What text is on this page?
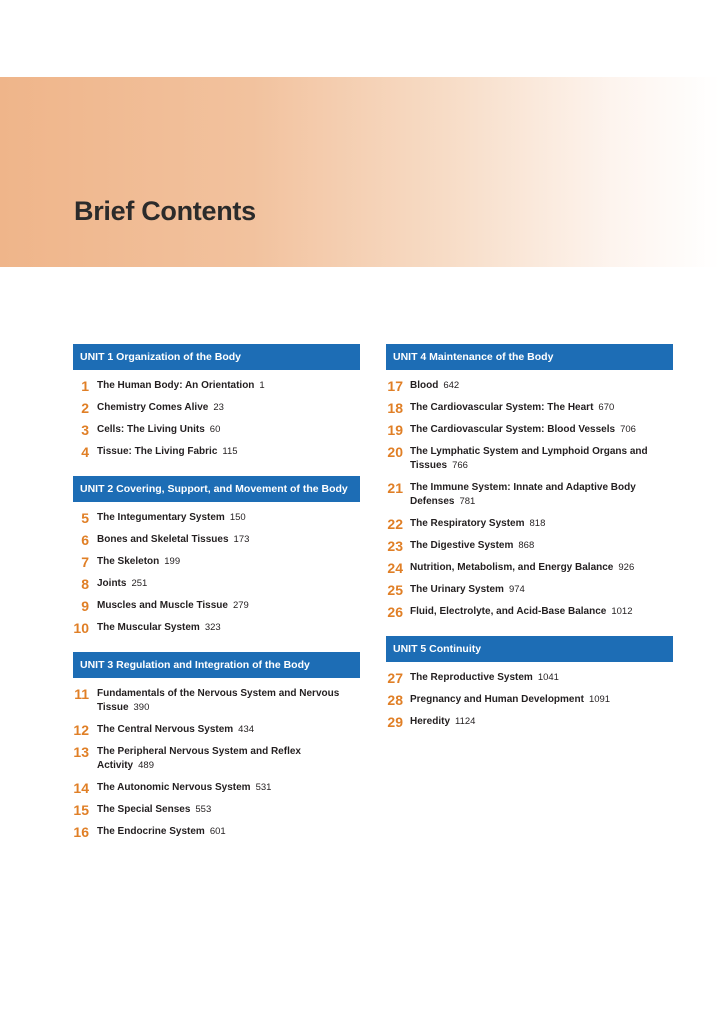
Brief Contents
UNIT 1 Organization of the Body
1 The Human Body: An Orientation 1
2 Chemistry Comes Alive 23
3 Cells: The Living Units 60
4 Tissue: The Living Fabric 115
UNIT 2 Covering, Support, and Movement of the Body
5 The Integumentary System 150
6 Bones and Skeletal Tissues 173
7 The Skeleton 199
8 Joints 251
9 Muscles and Muscle Tissue 279
10 The Muscular System 323
UNIT 3 Regulation and Integration of the Body
11 Fundamentals of the Nervous System and Nervous Tissue 390
12 The Central Nervous System 434
13 The Peripheral Nervous System and Reflex Activity 489
14 The Autonomic Nervous System 531
15 The Special Senses 553
16 The Endocrine System 601
UNIT 4 Maintenance of the Body
17 Blood 642
18 The Cardiovascular System: The Heart 670
19 The Cardiovascular System: Blood Vessels 706
20 The Lymphatic System and Lymphoid Organs and Tissues 766
21 The Immune System: Innate and Adaptive Body Defenses 781
22 The Respiratory System 818
23 The Digestive System 868
24 Nutrition, Metabolism, and Energy Balance 926
25 The Urinary System 974
26 Fluid, Electrolyte, and Acid-Base Balance 1012
UNIT 5 Continuity
27 The Reproductive System 1041
28 Pregnancy and Human Development 1091
29 Heredity 1124
